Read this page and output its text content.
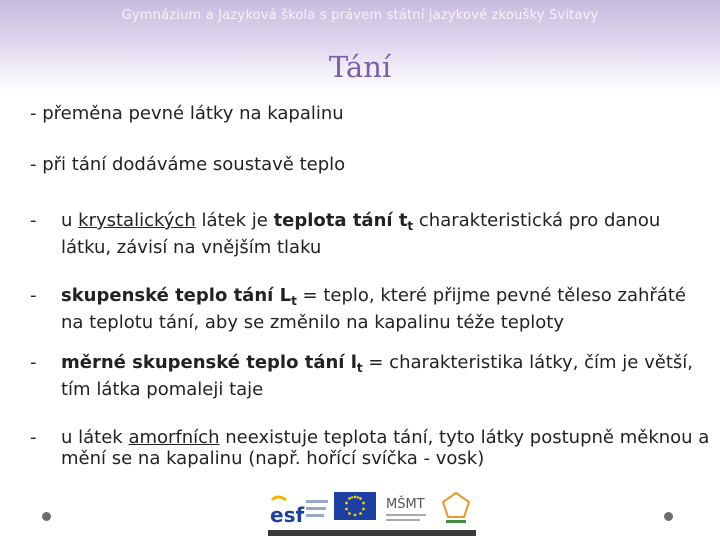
Gymnázium a Jazyková škola s právem státní jazykové zkoušky Svitavy
Tání
- přeměna pevné látky na kapalinu
- při tání dodáváme soustavě teplo
- u krystalických látek je teplota tání $t_t$ charakteristická pro danou látku, závisí na vnějším tlaku
- skupenské teplo tání $L_t$ = teplo, které přijme pevné těleso zahřáté na teplotu tání, aby se změnilo na kapalinu téže teploty
- měrné skupenské teplo tání $l_t$ = charakteristika látky, čím je větší, tím látka pomaleji taje
- u látek amorfních neexistuje teplota tání, tyto látky postupně měknou a mění se na kapalinu (např. hořící svíčka - vosk)
esf	MŠMT
INVESTICE DO ROZVOJE VZDĚLÁVÁNÍ
